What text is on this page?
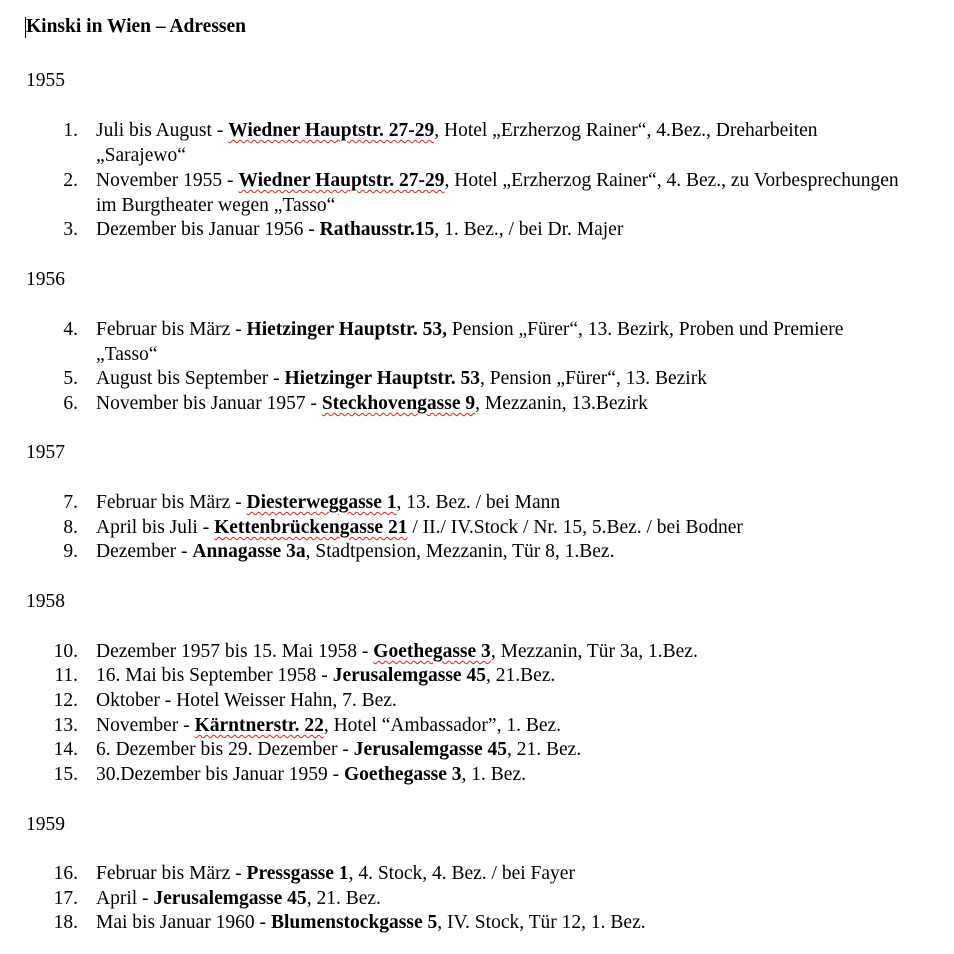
Kinski in Wien – Adressen
1955
1. Juli bis August - Wiedner Hauptstr. 27-29, Hotel „Erzherzog Rainer“, 4.Bez., Dreharbeiten „Sarajewo“
2. November 1955 - Wiedner Hauptstr. 27-29, Hotel „Erzherzog Rainer“, 4. Bez., zu Vorbesprechungen im Burgtheater wegen „Tasso“
3. Dezember bis Januar 1956 - Rathausstr.15, 1. Bez., / bei Dr. Majer
1956
4. Februar bis März - Hietzinger Hauptstr. 53, Pension „Fürer“, 13. Bezirk, Proben und Premiere „Tasso“
5. August bis September - Hietzinger Hauptstr. 53, Pension „Fürer“, 13. Bezirk
6. November bis Januar 1957 - Steckhovengasse 9, Mezzanin, 13.Bezirk
1957
7. Februar bis März - Diesterweggasse 1, 13. Bez. / bei Mann
8. April bis Juli - Kettenbrückengasse 21 / II./ IV.Stock / Nr. 15, 5.Bez. / bei Bodner
9. Dezember - Annagasse 3a, Stadtpension, Mezzanin, Tür 8, 1.Bez.
1958
10. Dezember 1957 bis 15. Mai 1958 - Goethegasse 3, Mezzanin, Tür 3a, 1.Bez.
11. 16. Mai bis September 1958 - Jerusalemgasse 45, 21.Bez.
12. Oktober - Hotel Weisser Hahn, 7. Bez.
13. November - Kärntnerstr. 22, Hotel “Ambassador”, 1. Bez.
14. 6. Dezember bis 29. Dezember - Jerusalemgasse 45, 21. Bez.
15. 30.Dezember bis Januar 1959 - Goethegasse 3, 1. Bez.
1959
16. Februar bis März - Pressgasse 1, 4. Stock, 4. Bez. / bei Fayer
17. April - Jerusalemgasse 45, 21. Bez.
18. Mai bis Januar 1960 - Blumenstockgasse 5, IV. Stock, Tür 12, 1. Bez.
